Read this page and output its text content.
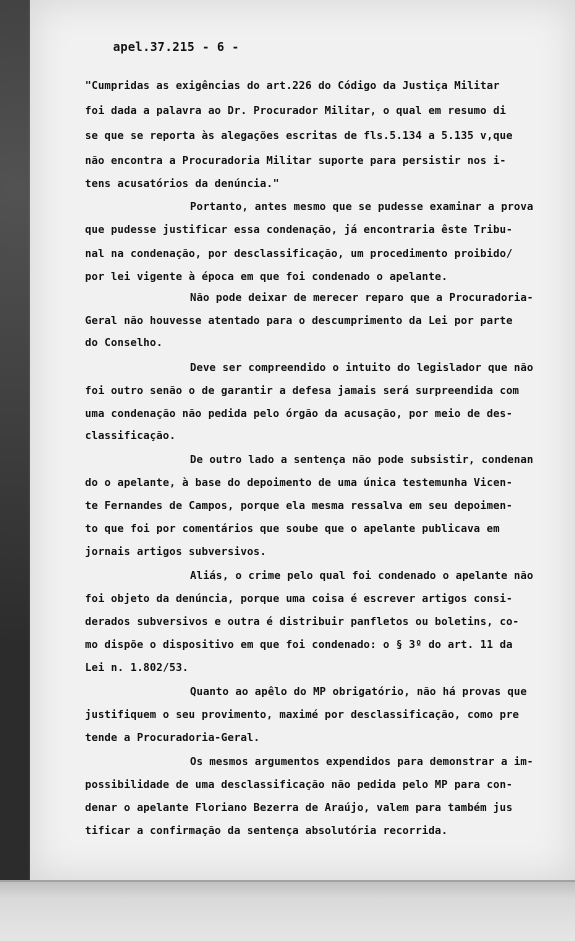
apel.37.215 - 6 -
"Cumpridas as exigências do art.226 do Código da Justiça Militar
foi dada a palavra ao Dr. Procurador Militar, o qual em resumo di
se que se reporta às alegações escritas de fls.5.134 a 5.135 v,que
não encontra a Procuradoria Militar suporte para persistir nos i-
tens acusatórios da denúncia."
Portanto, antes mesmo que se pudesse examinar a prova
que pudesse justificar essa condenação, já encontraria êste Tribu-
nal na condenação, por desclassificação, um procedimento proibido/
por lei vigente à época em que foi condenado o apelante.
Não pode deixar de merecer reparo que a Procuradoria-
Geral não houvesse atentado para o descumprimento da Lei por parte
do Conselho.
Deve ser compreendido o intuito do legislador que não
foi outro senão o de garantir a defesa jamais será surpreendida com
uma condenação não pedida pelo órgão da acusação, por meio de des-
classificação.
De outro lado a sentença não pode subsistir, condenan
do o apelante, à base do depoimento de uma única testemunha Vicen-
te Fernandes de Campos, porque ela mesma ressalva em seu depoimen-
to que foi por comentários que soube que o apelante publicava em
jornais artigos subversivos.
Aliás, o crime pelo qual foi condenado o apelante não
foi objeto da denúncia, porque uma coisa é escrever artigos consi-
derados subversivos e outra é distribuir panfletos ou boletins, co-
mo dispõe o dispositivo em que foi condenado: o § 3º do art. 11 da
Lei n. 1.802/53.
Quanto ao apêlo do MP obrigatório, não há provas que
justifiquem o seu provimento, maximé por desclassificação, como pre
tende a Procuradoria-Geral.
Os mesmos argumentos expendidos para demonstrar a im-
possibilidade de uma desclassificação não pedida pelo MP para con-
denar o apelante Floriano Bezerra de Araújo, valem para também jus
tificar a confirmação da sentença absolutória recorrida.
